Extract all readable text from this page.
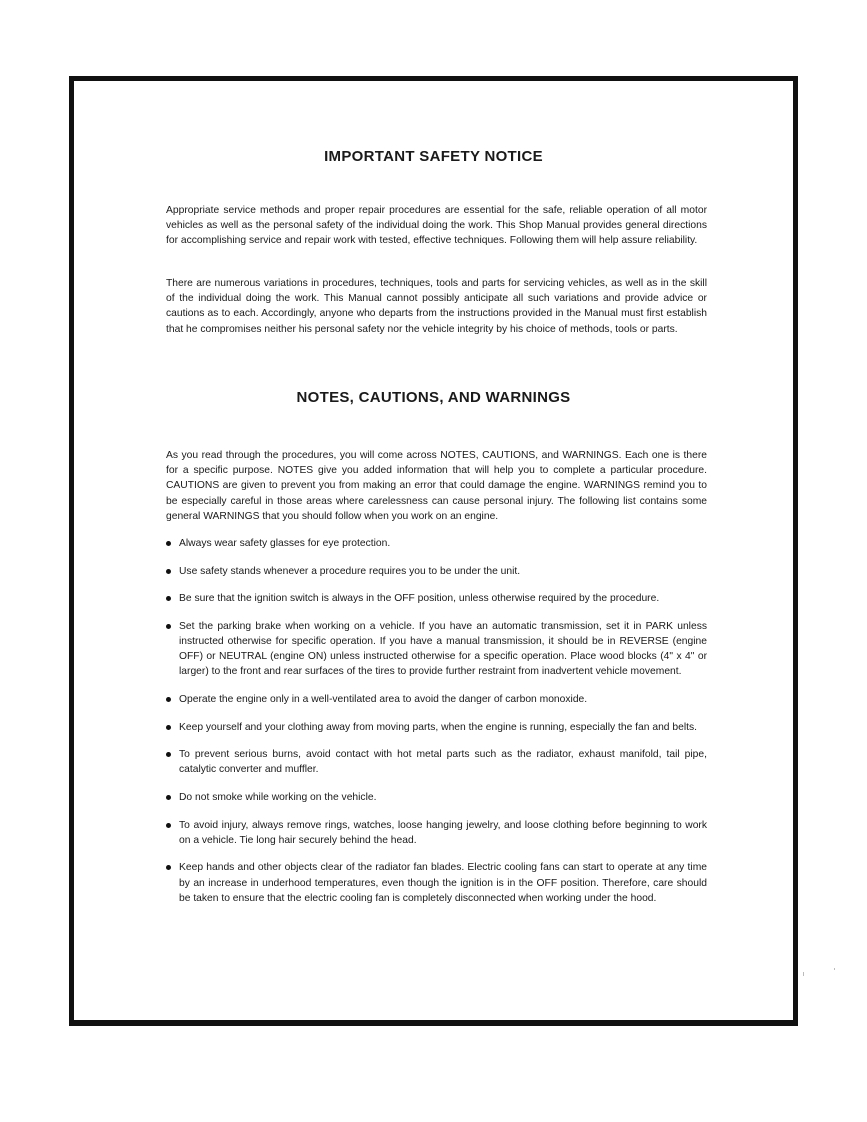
IMPORTANT SAFETY NOTICE

Appropriate service methods and proper repair procedures are essential for the safe, reliable operation of all motor vehicles as well as the personal safety of the individual doing the work. This Shop Manual provides general directions for accomplishing service and repair work with tested, effective techniques. Following them will help assure reliability.

There are numerous variations in procedures, techniques, tools and parts for servicing vehicles, as well as in the skill of the individual doing the work. This Manual cannot possibly anticipate all such variations and provide advice or cautions as to each. Accordingly, anyone who departs from the instructions provided in the Manual must first establish that he compromises neither his personal safety nor the vehicle integrity by his choice of methods, tools or parts.

NOTES, CAUTIONS, AND WARNINGS

As you read through the procedures, you will come across NOTES, CAUTIONS, and WARNINGS. Each one is there for a specific purpose. NOTES give you added information that will help you to complete a particular procedure. CAUTIONS are given to prevent you from making an error that could damage the engine. WARNINGS remind you to be especially careful in those areas where carelessness can cause personal injury. The following list contains some general WARNINGS that you should follow when you work on an engine.

Always wear safety glasses for eye protection.
Use safety stands whenever a procedure requires you to be under the unit.
Be sure that the ignition switch is always in the OFF position, unless otherwise required by the procedure.
Set the parking brake when working on a vehicle. If you have an automatic transmission, set it in PARK unless instructed otherwise for specific operation. If you have a manual transmission, it should be in REVERSE (engine OFF) or NEUTRAL (engine ON) unless instructed otherwise for a specific operation. Place wood blocks (4" x 4" or larger) to the front and rear surfaces of the tires to provide further restraint from inadvertent vehicle movement.
Operate the engine only in a well-ventilated area to avoid the danger of carbon monoxide.
Keep yourself and your clothing away from moving parts, when the engine is running, especially the fan and belts.
To prevent serious burns, avoid contact with hot metal parts such as the radiator, exhaust manifold, tail pipe, catalytic converter and muffler.
Do not smoke while working on the vehicle.
To avoid injury, always remove rings, watches, loose hanging jewelry, and loose clothing before beginning to work on a vehicle. Tie long hair securely behind the head.
Keep hands and other objects clear of the radiator fan blades. Electric cooling fans can start to operate at any time by an increase in underhood temperatures, even though the ignition is in the OFF position. Therefore, care should be taken to ensure that the electric cooling fan is completely disconnected when working under the hood.
